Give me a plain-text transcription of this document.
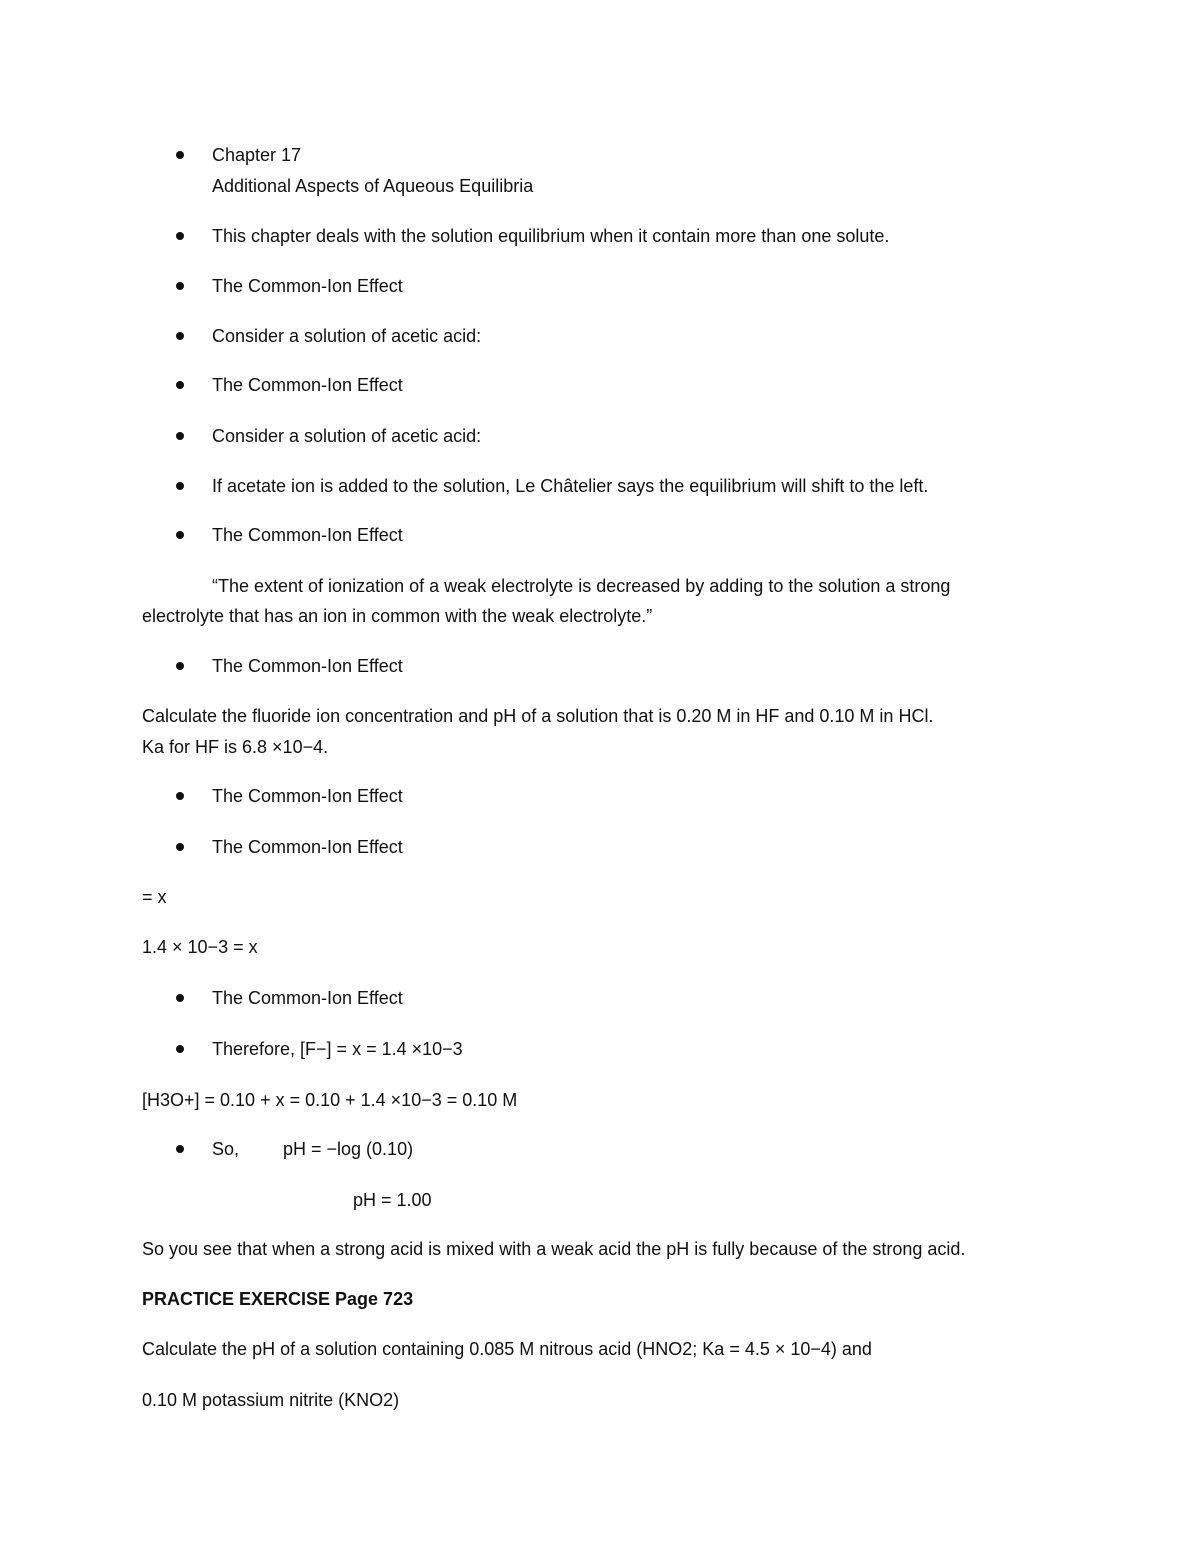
Chapter 17
Additional Aspects of Aqueous Equilibria
This chapter deals with the solution equilibrium when it contain more than one solute.
The Common-Ion Effect
Consider a solution of acetic acid:
The Common-Ion Effect
Consider a solution of acetic acid:
If acetate ion is added to the solution, Le Châtelier says the equilibrium will shift to the left.
The Common-Ion Effect
“The extent of ionization of a weak electrolyte is decreased by adding to the solution a strong
electrolyte that has an ion in common with the weak electrolyte.”
The Common-Ion Effect
Calculate the fluoride ion concentration and pH of a solution that is 0.20 M in HF and 0.10 M in HCl.
Ka for HF is 6.8 ×10−4.
The Common-Ion Effect
The Common-Ion Effect
= x
1.4 × 10−3 = x
The Common-Ion Effect
Therefore, [F−] = x = 1.4 ×10−3
[H3O+] = 0.10 + x = 0.10 + 1.4 ×10−3 = 0.10 M
So, pH = −log (0.10)
pH = 1.00
So you see that when a strong acid is mixed with a weak acid the pH is fully because of the strong acid.
PRACTICE EXERCISE Page 723
Calculate the pH of a solution containing 0.085 M nitrous acid (HNO2; Ka = 4.5 × 10−4) and
0.10 M potassium nitrite (KNO2)
